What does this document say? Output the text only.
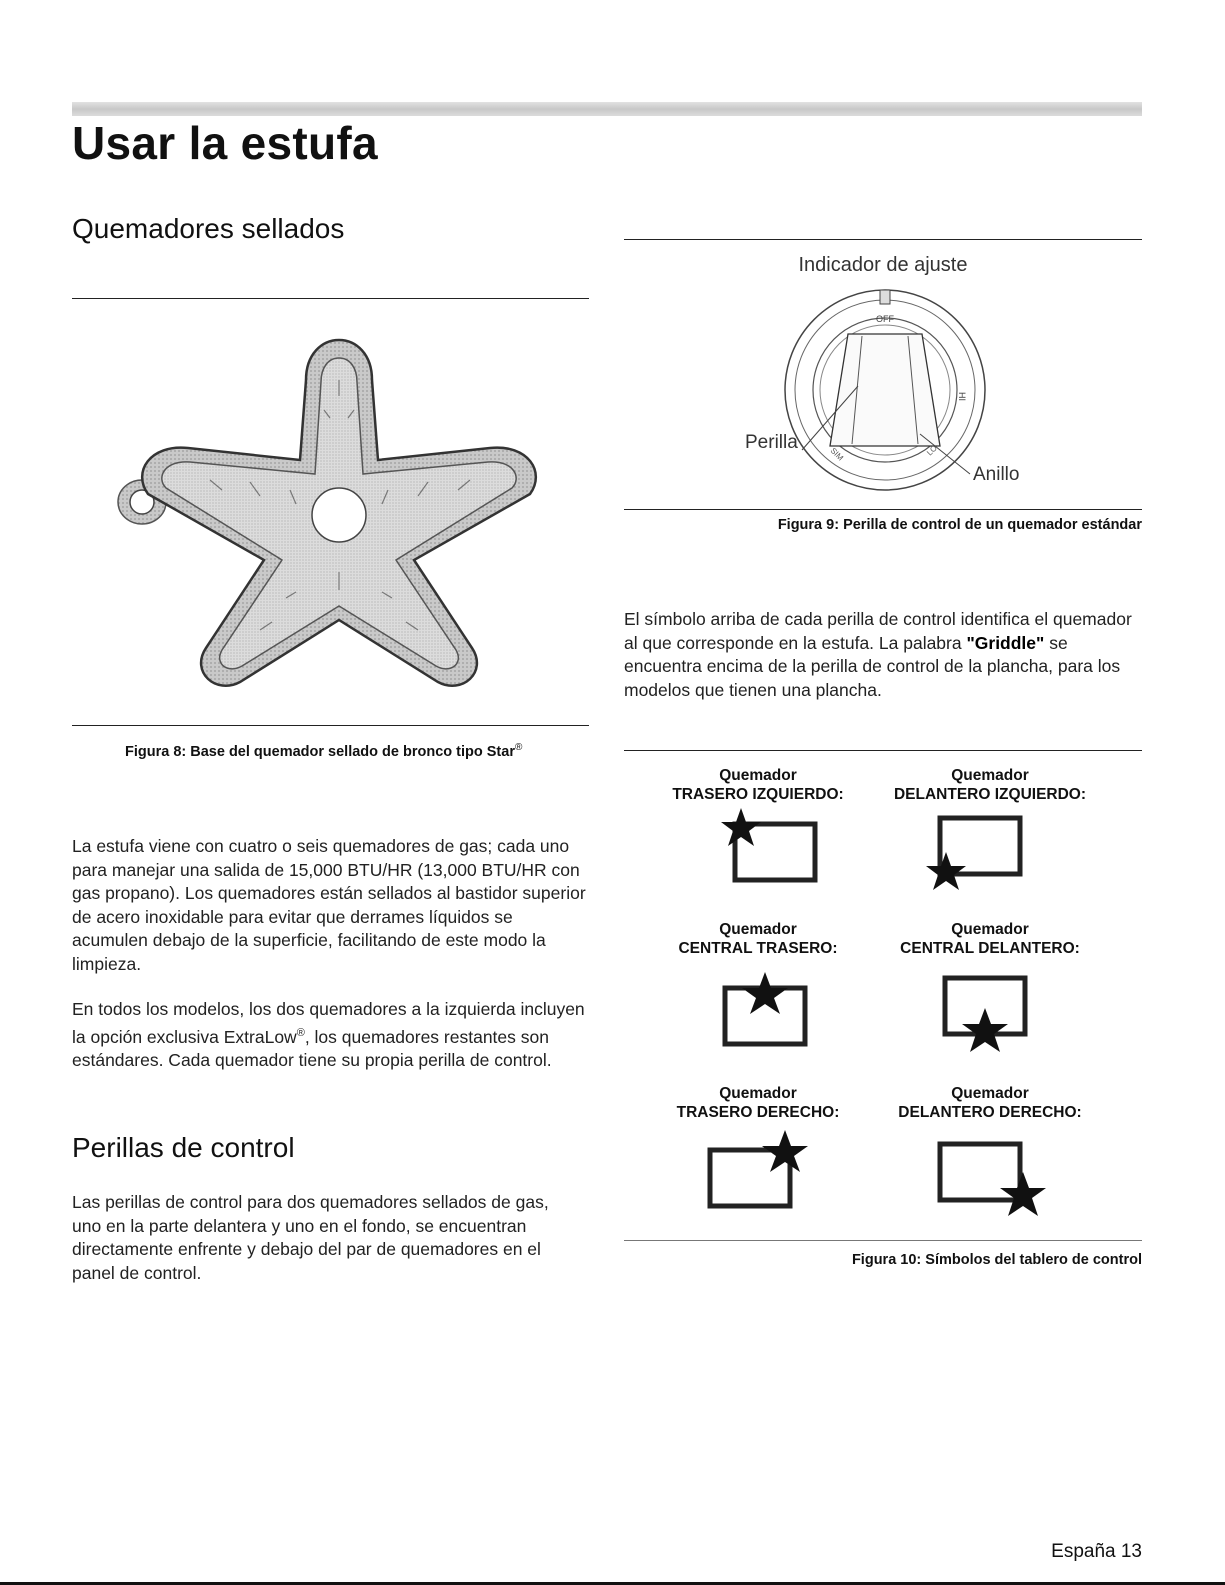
Usar la estufa
Quemadores sellados
Figura 8: Base del quemador sellado de bronco tipo Star®

La estufa viene con cuatro o seis quemadores de gas; cada uno para manejar una salida de 15,000 BTU/HR (13,000 BTU/HR con gas propano). Los quemadores están sellados al bastidor superior de acero inoxidable para evitar que derrames líquidos se acumulen debajo de la superficie, facilitando de este modo la limpieza.

En todos los modelos, los dos quemadores a la izquierda incluyen la opción exclusiva ExtraLow®, los quemadores restantes son estándares. Cada quemador tiene su propia perilla de control.

Perillas de control

Las perillas de control para dos quemadores sellados de gas, uno en la parte delantera y uno en el fondo, se encuentran directamente enfrente y debajo del par de quemadores en el panel de control.

Indicador de ajuste
OFF
HI
LO
SIM
Perilla
Anillo
Figura 9: Perilla de control de un quemador estándar

El símbolo arriba de cada perilla de control identifica el quemador al que corresponde en la estufa. La palabra "Griddle" se encuentra encima de la perilla de control de la plancha, para los modelos que tienen una plancha.

Quemador
TRASERO IZQUIERDO:
Quemador
DELANTERO IZQUIERDO:
Quemador
CENTRAL TRASERO:
Quemador
CENTRAL DELANTERO:
Quemador
TRASERO DERECHO:
Quemador
DELANTERO DERECHO:
Figura 10: Símbolos del tablero de control
España 13
